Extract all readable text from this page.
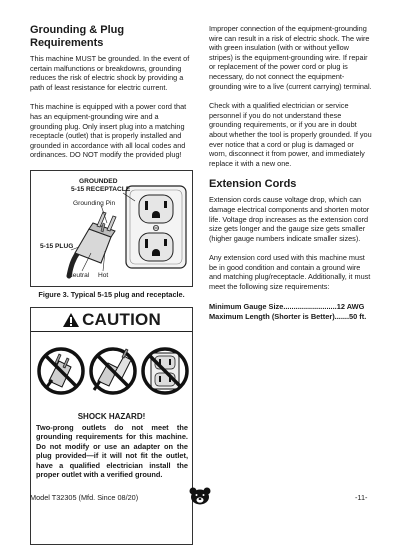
Grounding & Plug Requirements

This machine MUST be grounded. In the event of certain malfunctions or breakdowns, grounding reduces the risk of electric shock by providing a path of least resistance for electric current.

This machine is equipped with a power cord that has an equipment-grounding wire and a grounding plug. Only insert plug into a matching receptacle (outlet) that is properly installed and grounded in accordance with all local codes and ordinances. DO NOT modify the provided plug!

GROUNDED
5-15 RECEPTACLE
Grounding Pin
5-15 PLUG
Neutral Hot
Figure 3. Typical 5-15 plug and receptacle.
CAUTION
SHOCK HAZARD!
Two-prong outlets do not meet the grounding requirements for this machine. Do not modify or use an adapter on the plug provided—if it will not fit the outlet, have a qualified electrician install the proper outlet with a verified ground.

Improper connection of the equipment-grounding wire can result in a risk of electric shock. The wire with green insulation (with or without yellow stripes) is the equipment-grounding wire. If repair or replacement of the power cord or plug is necessary, do not connect the equipment-grounding wire to a live (current carrying) terminal.

Check with a qualified electrician or service personnel if you do not understand these grounding requirements, or if you are in doubt about whether the tool is properly grounded. If you ever notice that a cord or plug is damaged or worn, disconnect it from power, and immediately replace it with a new one.

Extension Cords

Extension cords cause voltage drop, which can damage electrical components and shorten motor life. Voltage drop increases as the extension cord size gets longer and the gauge size gets smaller (higher gauge numbers indicate smaller sizes).

Any extension cord used with this machine must be in good condition and contain a ground wire and matching plug/receptacle. Additionally, it must meet the following size requirements:

Minimum Gauge Size..........................12 AWG
Maximum Length (Shorter is Better).......50 ft.
Model T32305 (Mfd. Since 08/20)	-11-
